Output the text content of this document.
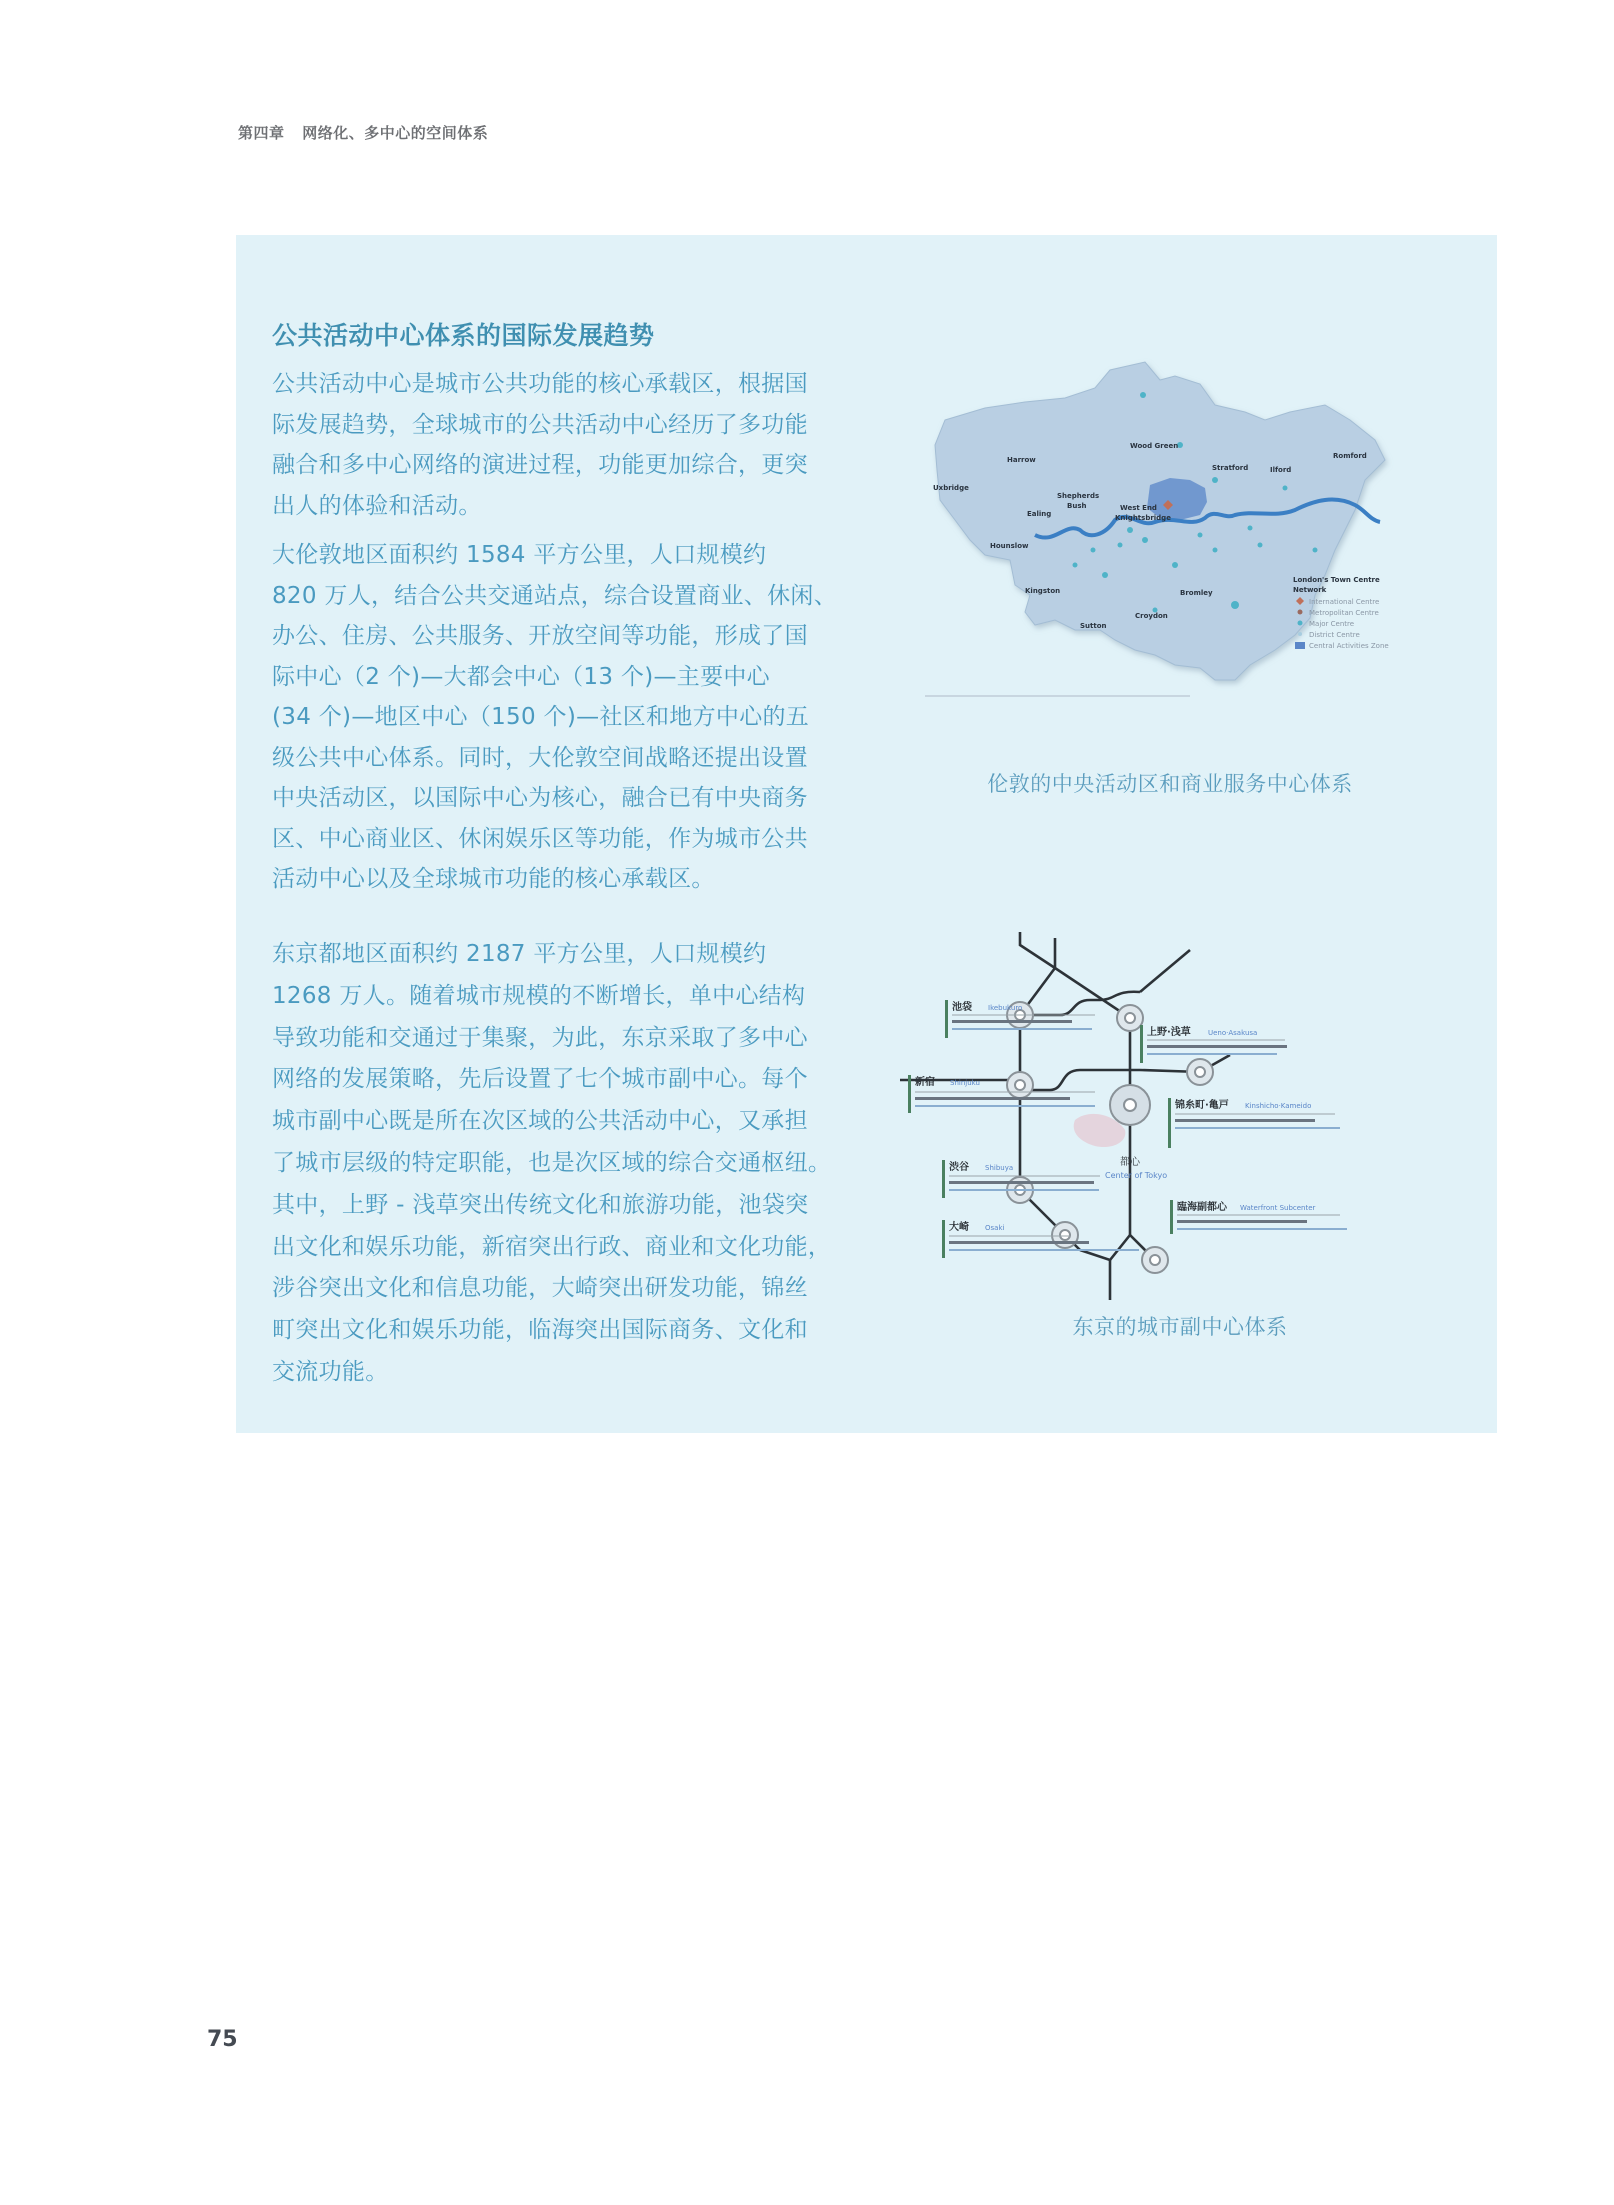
第四章 网络化、多中心的空间体系
公共活动中心体系的国际发展趋势
公共活动中心是城市公共功能的核心承载区，根据国
际发展趋势，全球城市的公共活动中心经历了多功能
融合和多中心网络的演进过程，功能更加综合，更突
出人的体验和活动。
大伦敦地区面积约 1584 平方公里，人口规模约
820 万人，结合公共交通站点，综合设置商业、休闲、
办公、住房、公共服务、开放空间等功能，形成了国
际中心（2 个)—大都会中心（13 个)—主要中心
(34 个)—地区中心（150 个)—社区和地方中心的五
级公共中心体系。同时，大伦敦空间战略还提出设置
中央活动区，以国际中心为核心，融合已有中央商务
区、中心商业区、休闲娱乐区等功能，作为城市公共
活动中心以及全球城市功能的核心承载区。
东京都地区面积约 2187 平方公里，人口规模约
1268 万人。随着城市规模的不断增长，单中心结构
导致功能和交通过于集聚，为此，东京采取了多中心
网络的发展策略，先后设置了七个城市副中心。每个
城市副中心既是所在次区域的公共活动中心，又承担
了城市层级的特定职能，也是次区域的综合交通枢纽。
其中，上野 - 浅草突出传统文化和旅游功能，池袋突
出文化和娱乐功能，新宿突出行政、商业和文化功能，
涉谷突出文化和信息功能，大崎突出研发功能，锦丝
町突出文化和娱乐功能，临海突出国际商务、文化和
交流功能。
Uxbridge
Harrow
Wood Green
Stratford	Ilford
Romford
Shepherds
Bush
Ealing
West End
Knightsbridge
Hounslow
Kingston	Bromley
Croydon
Sutton
London's Town Centre
Network
International Centre
Metropolitan Centre
Major Centre
District Centre
Central Activities Zone
伦敦的中央活动区和商业服务中心体系
都心
Center of Tokyo
池袋 Ikebukuro
新宿 Shinjuku
上野·浅草 Ueno·Asakusa
锦糸町·亀戸 Kinshicho·Kameido
渋谷 Shibuya
大崎 Osaki
臨海副都心 Waterfront Subcenter
东京的城市副中心体系
75
